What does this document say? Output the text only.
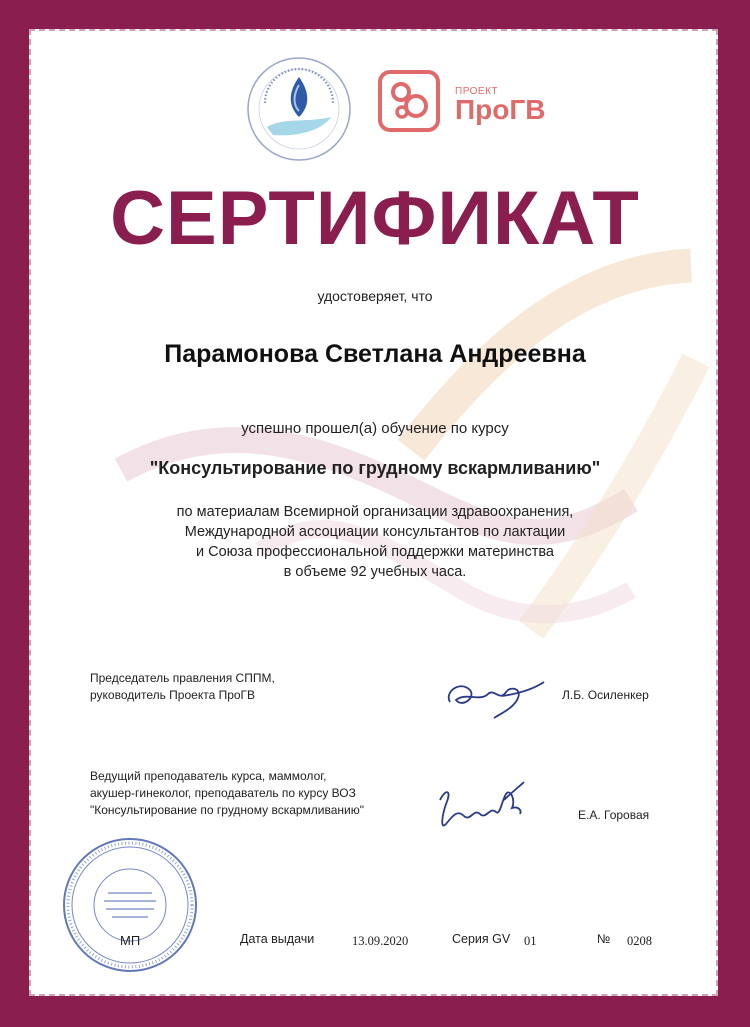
ПРОЕКТ
ПроГВ
СЕРТИФИКАТ
удостоверяет, что
Парамонова Светлана Андреевна
успешно прошел(а) обучение по курсу
"Консультирование по грудному вскармливанию"
по материалам Всемирной организации здравоохранения,
Международной ассоциации консультантов по лактации
и Союза профессиональной поддержки материнства
в объеме 92 учебных часа.
Председатель правления СППМ,
руководитель Проекта ПроГВ	Л.Б. Осиленкер
Ведущий преподаватель курса, маммолог,
акушер-гинеколог, преподаватель по курсу ВОЗ
"Консультирование по грудному вскармливанию"	Е.А. Горовая
МП	Дата выдачи	13.09.2020	Серия GV 01	№ 0208
